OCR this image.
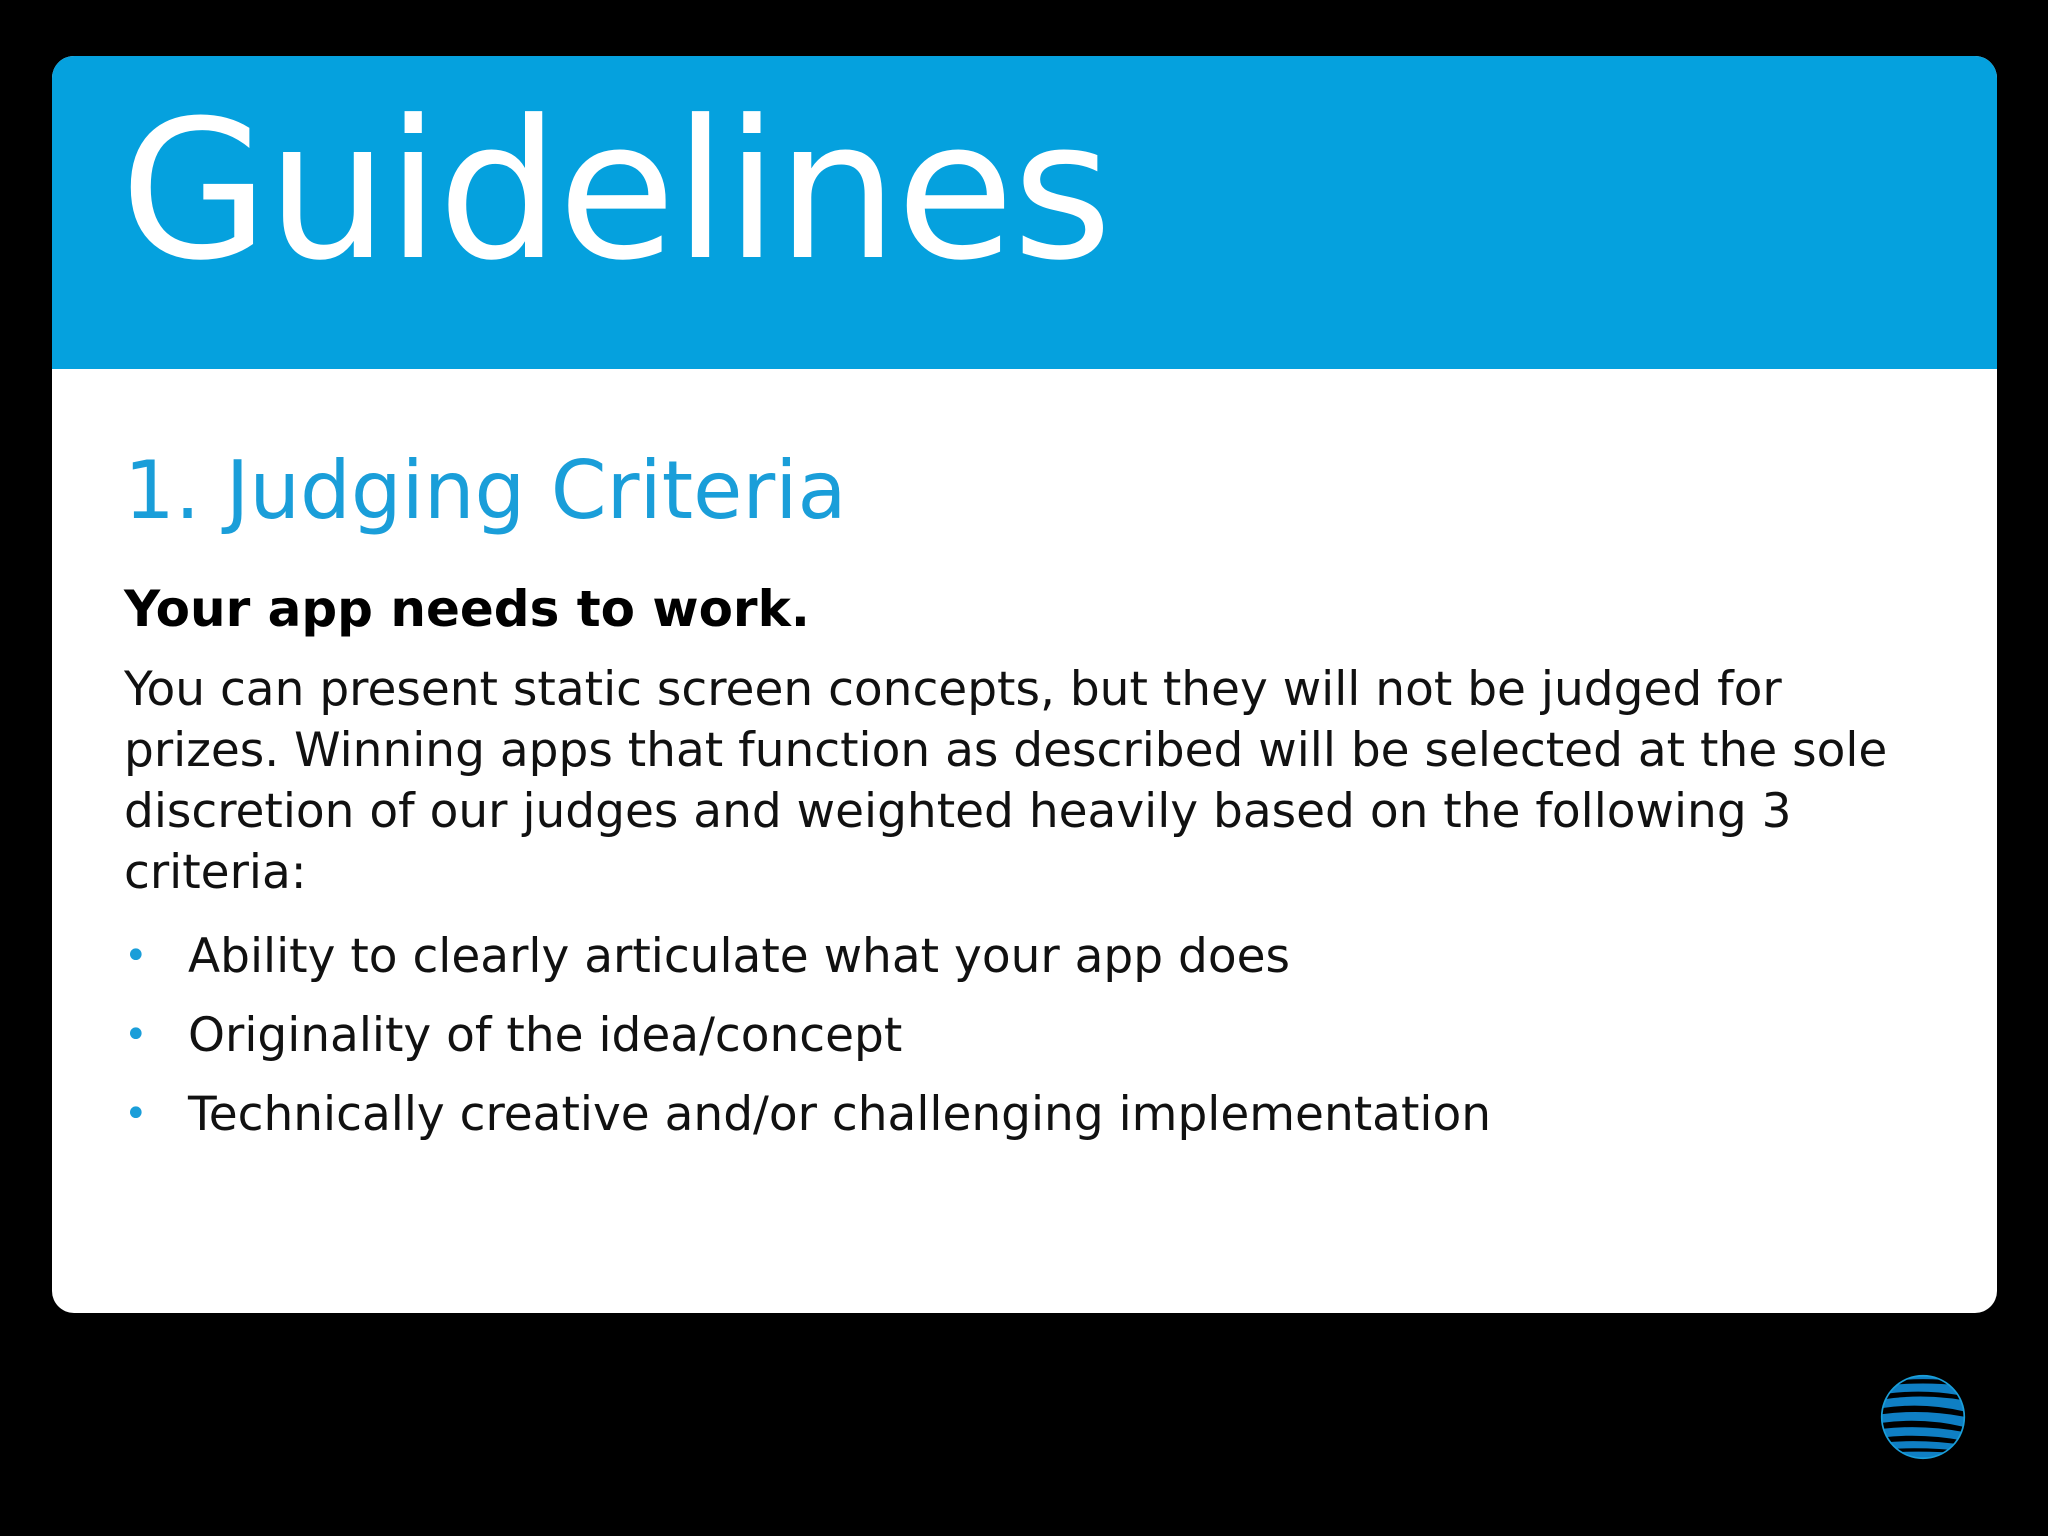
Guidelines
1. Judging Criteria
Your app needs to work.

You can present static screen concepts, but they will not be judged for prizes. Winning apps that function as described will be selected at the sole discretion of our judges and weighted heavily based on the following 3 criteria:

• Ability to clearly articulate what your app does
• Originality of the idea/concept
• Technically creative and/or challenging implementation
